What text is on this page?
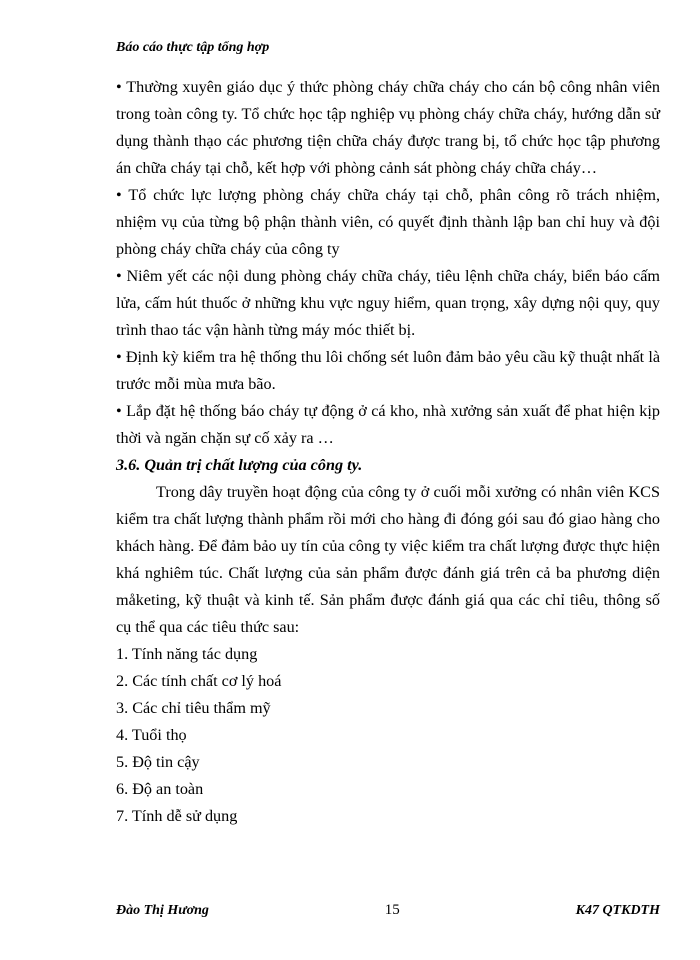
Báo cáo thực tập tổng hợp

• Thường xuyên giáo dục ý thức phòng cháy chữa cháy cho cán bộ công nhân viên trong toàn công ty. Tổ chức học tập nghiệp vụ phòng cháy chữa cháy, hướng dẫn sử dụng thành thạo các phương tiện chữa cháy được trang bị, tổ chức học tập phương án chữa cháy tại chỗ, kết hợp với phòng cảnh sát phòng cháy chữa cháy…

• Tổ chức lực lượng phòng cháy chữa cháy tại chỗ, phân công rõ trách nhiệm, nhiệm vụ của từng bộ phận thành viên, có quyết định thành lập ban chỉ huy và đội phòng cháy chữa cháy của công ty

• Niêm yết các nội dung phòng cháy chữa cháy, tiêu lệnh chữa cháy, biển báo cấm lửa, cấm hút thuốc ở những khu vực nguy hiểm, quan trọng, xây dựng nội quy, quy trình thao tác vận hành từng máy móc thiết bị.

• Định kỳ kiểm tra hệ thống thu lôi chống sét luôn đảm bảo yêu cầu kỹ thuật nhất là trước mỗi mùa mưa bão.

• Lắp đặt hệ thống báo cháy tự động ở cá kho, nhà xưởng sản xuất để phat hiện kịp thời và ngăn chặn sự cố xảy ra …

3.6. Quản trị chất lượng của công ty.

Trong dây truyền hoạt động của công ty ở cuối mỗi xưởng có nhân viên KCS kiểm tra chất lượng thành phẩm rồi mới cho hàng đi đóng gói sau đó giao hàng cho khách hàng. Để đảm bảo uy tín của công ty việc kiểm tra chất lượng được thực hiện khá nghiêm túc. Chất lượng của sản phẩm được đánh giá trên cả ba phương diện måketing, kỹ thuật và kinh tế. Sản phẩm được đánh giá qua các chỉ tiêu, thông số cụ thể qua các tiêu thức sau:

1. Tính năng tác dụng
2. Các tính chất cơ lý hoá
3. Các chỉ tiêu thẩm mỹ
4. Tuổi thọ
5. Độ tin cậy
6. Độ an toàn
7. Tính dễ sử dụng
Đào Thị Hương	15	K47 QTKDTH
